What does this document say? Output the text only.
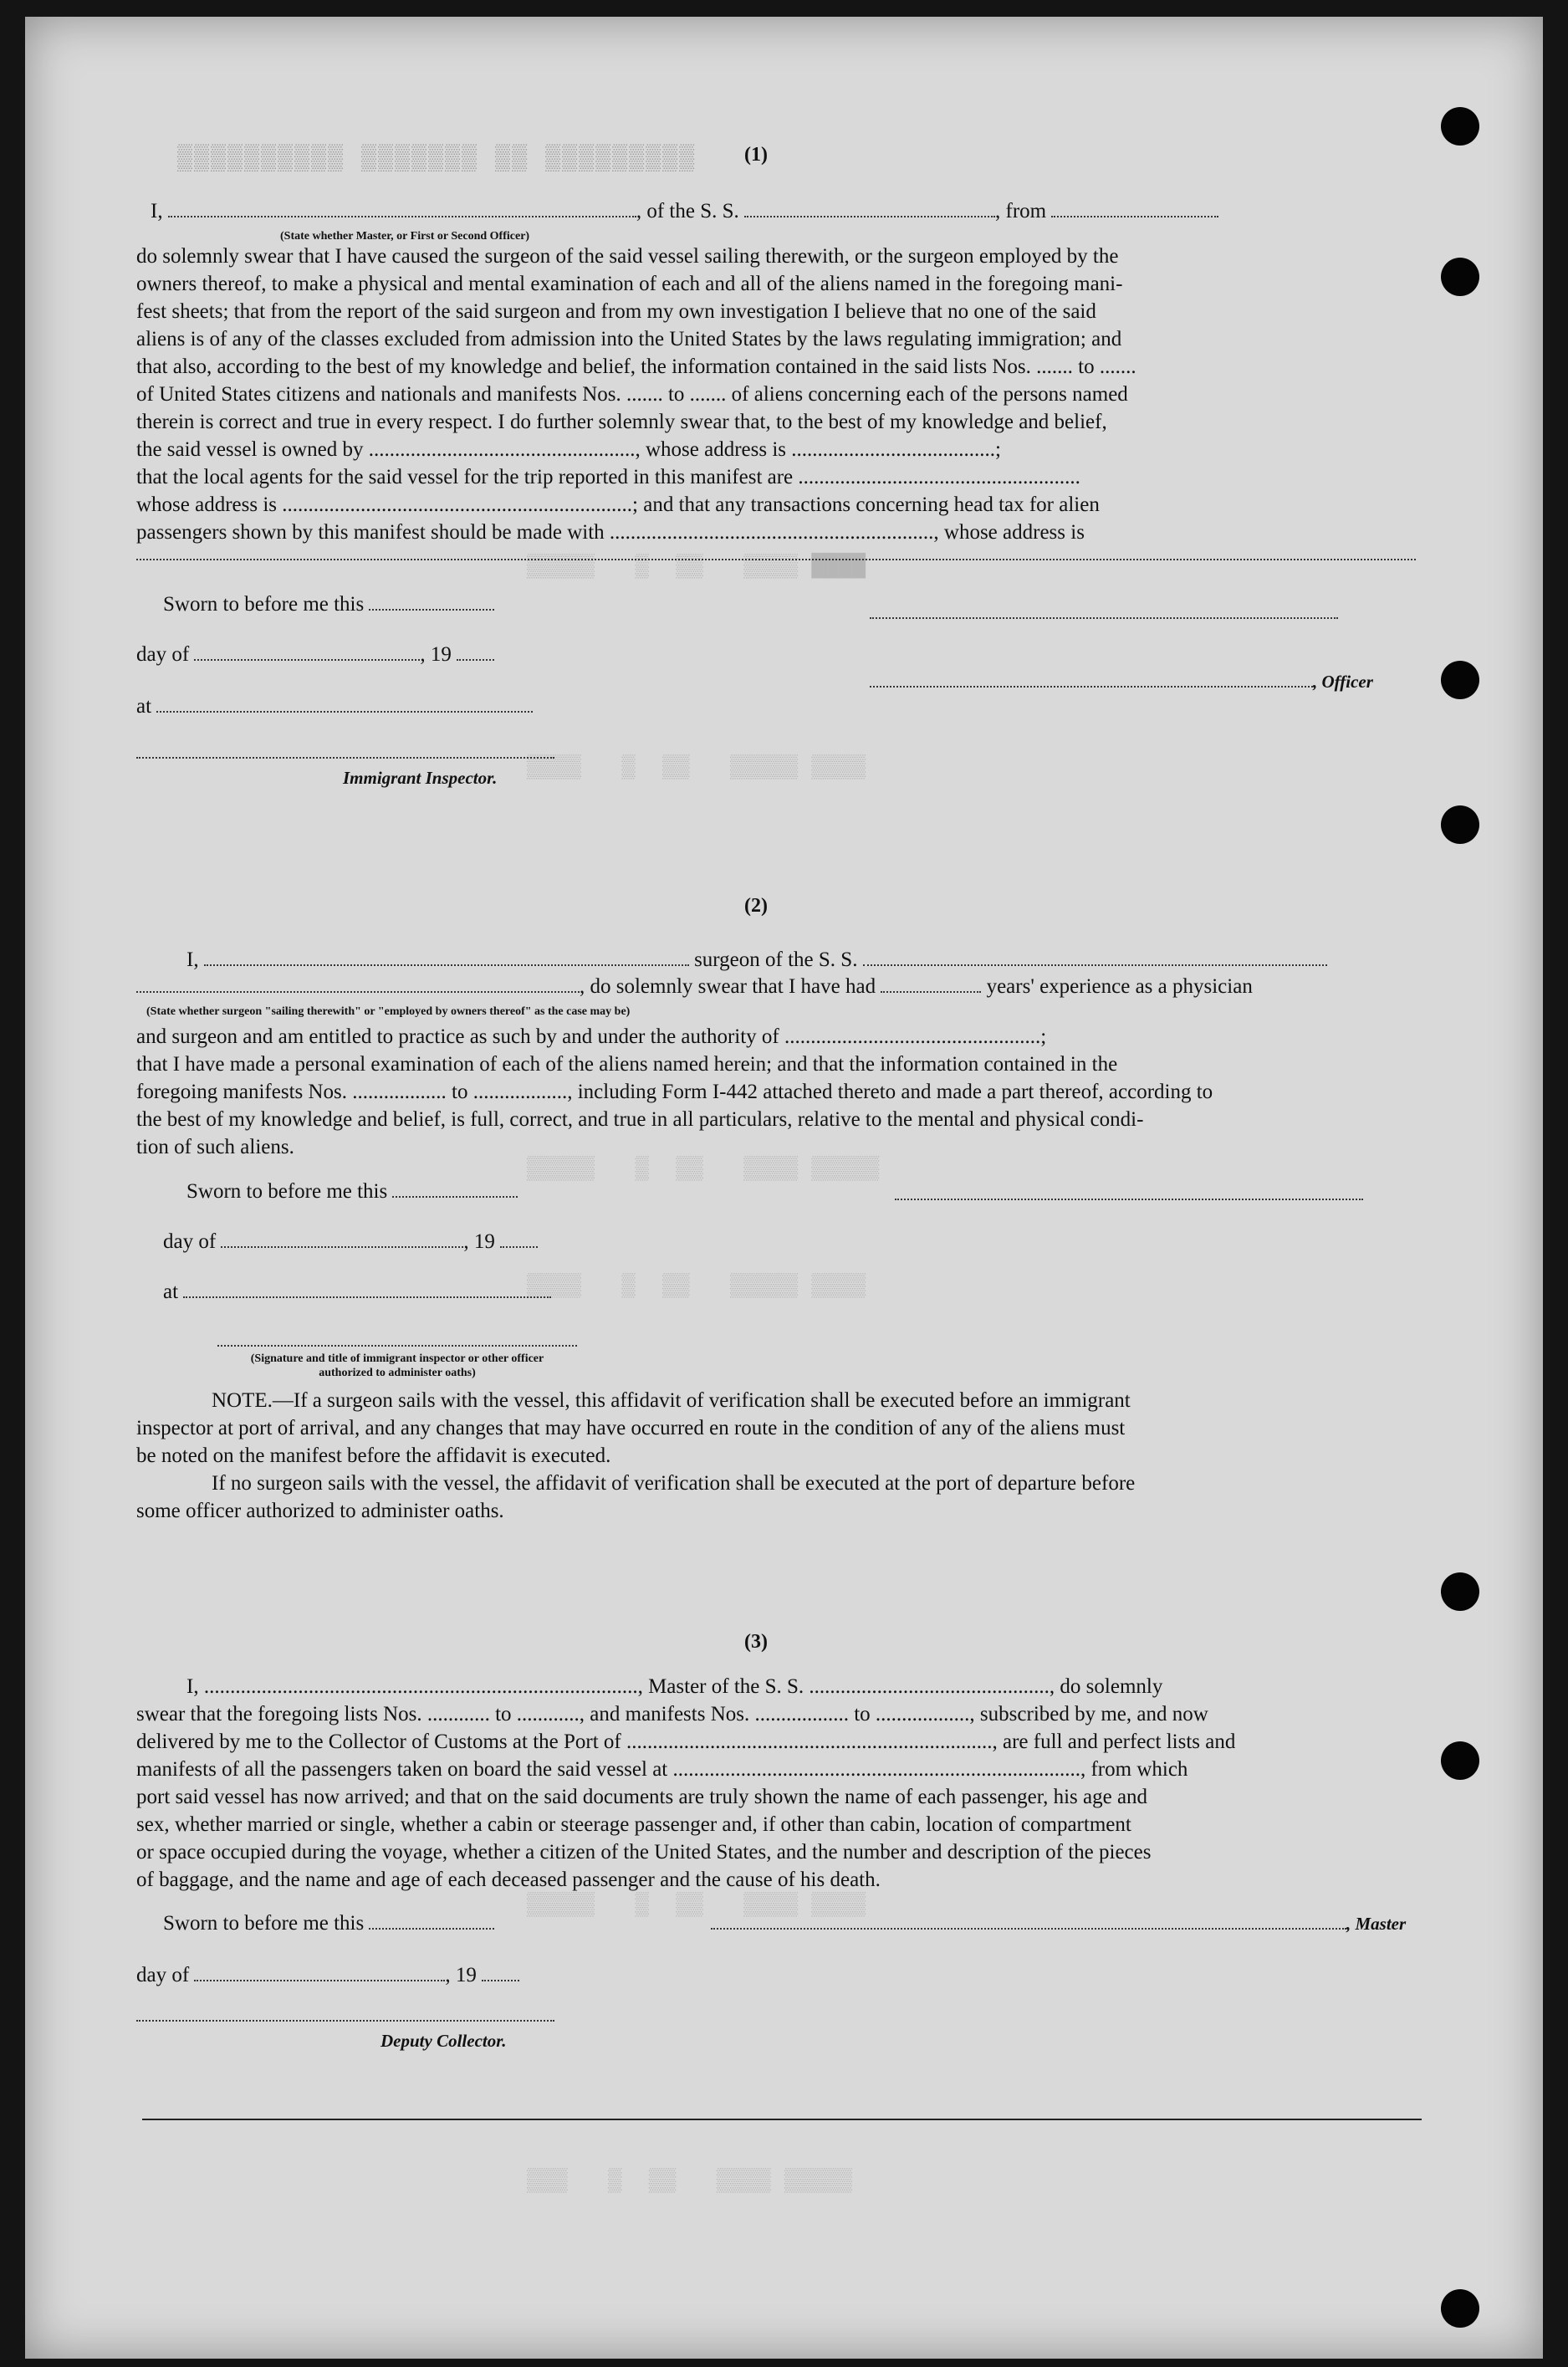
████ ▒▒▒▒   ▒▒  ▒   ▒▒▒▒▒
▒▒▒▒ ▒▒▒▒▒   ▒▒  ▒   ▒▒▒▒
▒▒▒▒▒ ▒▒▒▒   ▒▒  ▒   ▒▒▒▒▒
▒▒▒▒ ▒▒▒▒▒   ▒▒  ▒   ▒▒▒▒
▒▒▒▒ ▒▒▒▒   ▒▒  ▒   ▒▒▒▒▒
▒▒▒▒▒ ▒▒▒▒   ▒▒  ▒   ▒▒▒
▒▒▒▒▒▒▒▒▒ ▒▒ ▒▒▒▒▒▒▒ ▒▒▒▒▒▒▒▒▒▒ (1)
I,	, of the S. S.	, from
(State whether Master, or First or Second Officer)
do solemnly swear that I have caused the surgeon of the said vessel sailing therewith, or the surgeon employed by the
owners thereof, to make a physical and mental examination of each and all of the aliens named in the foregoing mani-
fest sheets; that from the report of the said surgeon and from my own investigation I believe that no one of the said
aliens is of any of the classes excluded from admission into the United States by the laws regulating immigration; and
that also, according to the best of my knowledge and belief, the information contained in the said lists Nos. ....... to .......
of United States citizens and nationals and manifests Nos. ....... to ....... of aliens concerning each of the persons named
therein is correct and true in every respect. I do further solemnly swear that, to the best of my knowledge and belief,
the said vessel is owned by ..................................................., whose address is .......................................;
that the local agents for the said vessel for the trip reported in this manifest are ......................................................
whose address is ...................................................................; and that any transactions concerning head tax for alien
passengers shown by this manifest should be made with .............................................................., whose address is
Sworn to before me this
day of	, 19
, Officer
at
Immigrant Inspector.
(2)
I,	surgeon of the S. S.
, do solemnly swear that I have had	years' experience as a physician
(State whether surgeon "sailing therewith" or "employed by owners thereof" as the case may be)
and surgeon and am entitled to practice as such by and under the authority of .................................................;
that I have made a personal examination of each of the aliens named herein; and that the information contained in the
foregoing manifests Nos. .................. to .................., including Form I-442 attached thereto and made a part thereof, according to
the best of my knowledge and belief, is full, correct, and true in all particulars, relative to the mental and physical condi-
tion of such aliens.
Sworn to before me this
day of	, 19
at
(Signature and title of immigrant inspector or other officer authorized to administer oaths)
NOTE.—If a surgeon sails with the vessel, this affidavit of verification shall be executed before an immigrant
inspector at port of arrival, and any changes that may have occurred en route in the condition of any of the aliens must
be noted on the manifest before the affidavit is executed.
If no surgeon sails with the vessel, the affidavit of verification shall be executed at the port of departure before
some officer authorized to administer oaths.
(3)
I, ..................................................................................., Master of the S. S. .............................................., do solemnly
swear that the foregoing lists Nos. ............ to ............, and manifests Nos. .................. to .................., subscribed by me, and now
delivered by me to the Collector of Customs at the Port of ......................................................................, are full and perfect lists and
manifests of all the passengers taken on board the said vessel at .............................................................................., from which
port said vessel has now arrived; and that on the said documents are truly shown the name of each passenger, his age and
sex, whether married or single, whether a cabin or steerage passenger and, if other than cabin, location of compartment
or space occupied during the voyage, whether a citizen of the United States, and the number and description of the pieces
of baggage, and the name and age of each deceased passenger and the cause of his death.
Sworn to before me this	, Master
day of	, 19
Deputy Collector.
